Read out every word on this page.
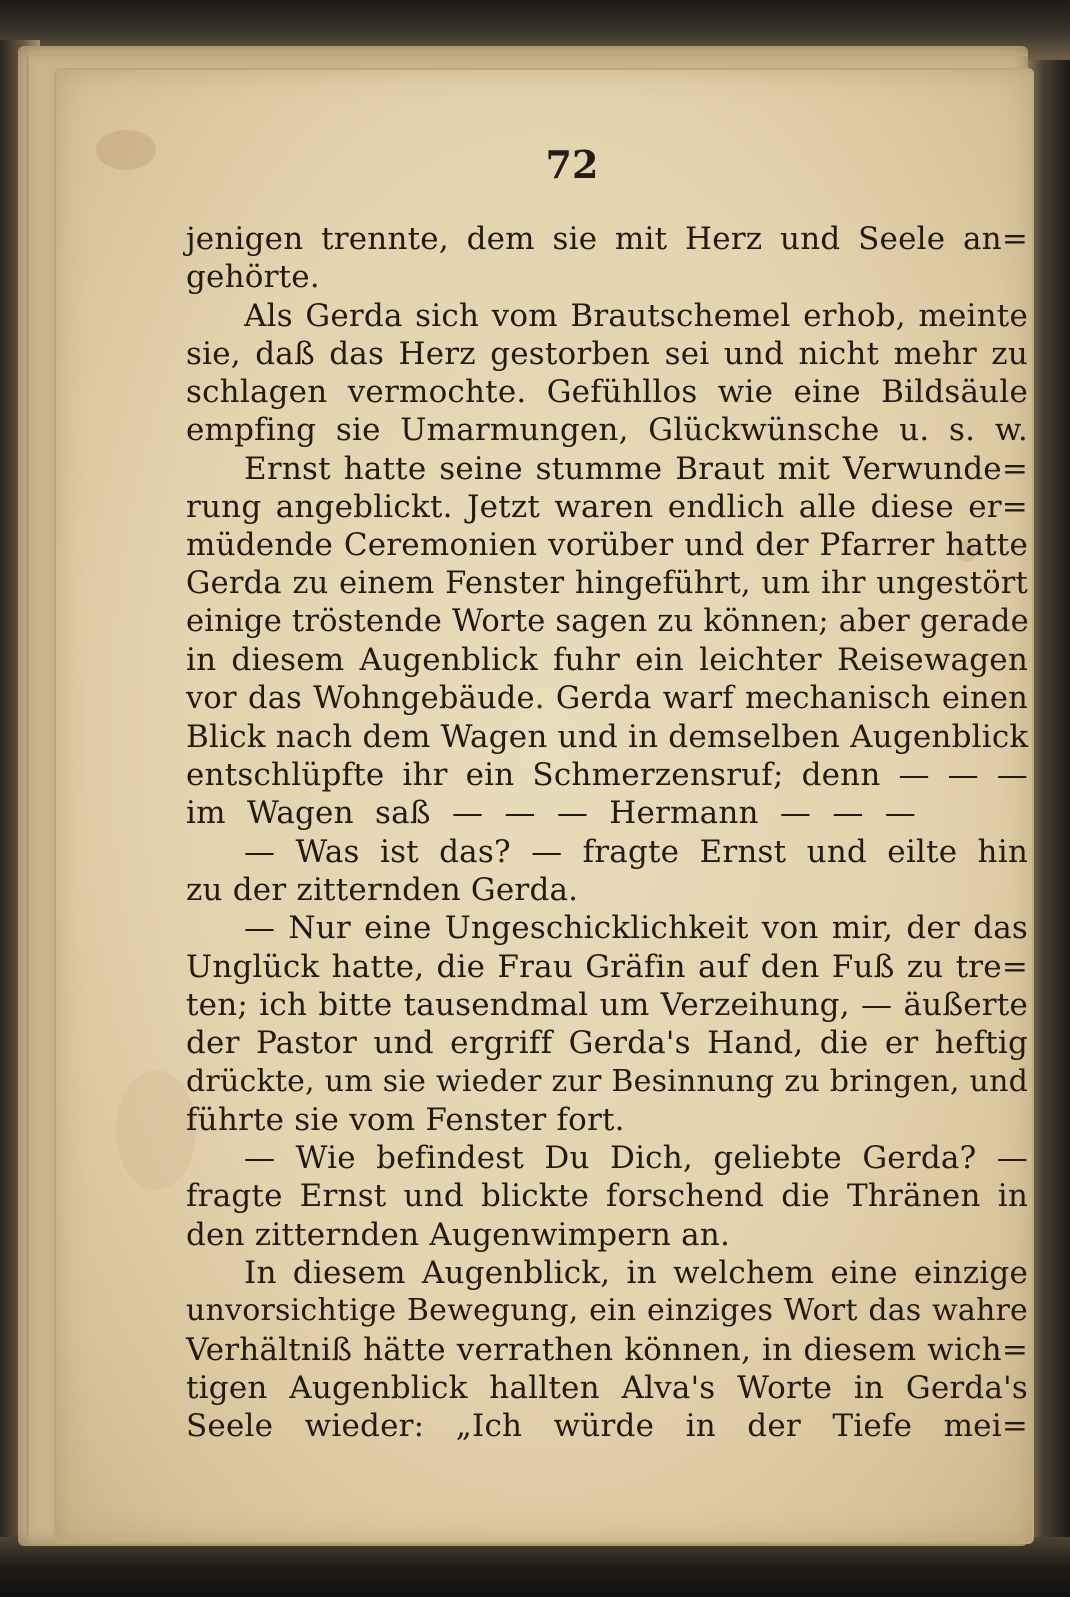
72
jenigen trennte, dem sie mit Herz und Seele an=
gehörte.
Als Gerda sich vom Brautschemel erhob, meinte
sie, daß das Herz gestorben sei und nicht mehr zu
schlagen vermochte. Gefühllos wie eine Bildsäule
empfing sie Umarmungen, Glückwünsche u. s. w.
Ernst hatte seine stumme Braut mit Verwunde=
rung angeblickt. Jetzt waren endlich alle diese er=
müdende Ceremonien vorüber und der Pfarrer hatte
Gerda zu einem Fenster hingeführt, um ihr ungestört
einige tröstende Worte sagen zu können; aber gerade
in diesem Augenblick fuhr ein leichter Reisewagen
vor das Wohngebäude. Gerda warf mechanisch einen
Blick nach dem Wagen und in demselben Augenblick
entschlüpfte ihr ein Schmerzensruf; denn — — —
im Wagen saß — — — Hermann — — —
— Was ist das? — fragte Ernst und eilte hin
zu der zitternden Gerda.
— Nur eine Ungeschicklichkeit von mir, der das
Unglück hatte, die Frau Gräfin auf den Fuß zu tre=
ten; ich bitte tausendmal um Verzeihung, — äußerte
der Pastor und ergriff Gerda's Hand, die er heftig
drückte, um sie wieder zur Besinnung zu bringen, und
führte sie vom Fenster fort.
— Wie befindest Du Dich, geliebte Gerda? —
fragte Ernst und blickte forschend die Thränen in
den zitternden Augenwimpern an.
In diesem Augenblick, in welchem eine einzige
unvorsichtige Bewegung, ein einziges Wort das wahre
Verhältniß hätte verrathen können, in diesem wich=
tigen Augenblick hallten Alva's Worte in Gerda's
Seele wieder: „Ich würde in der Tiefe mei=
